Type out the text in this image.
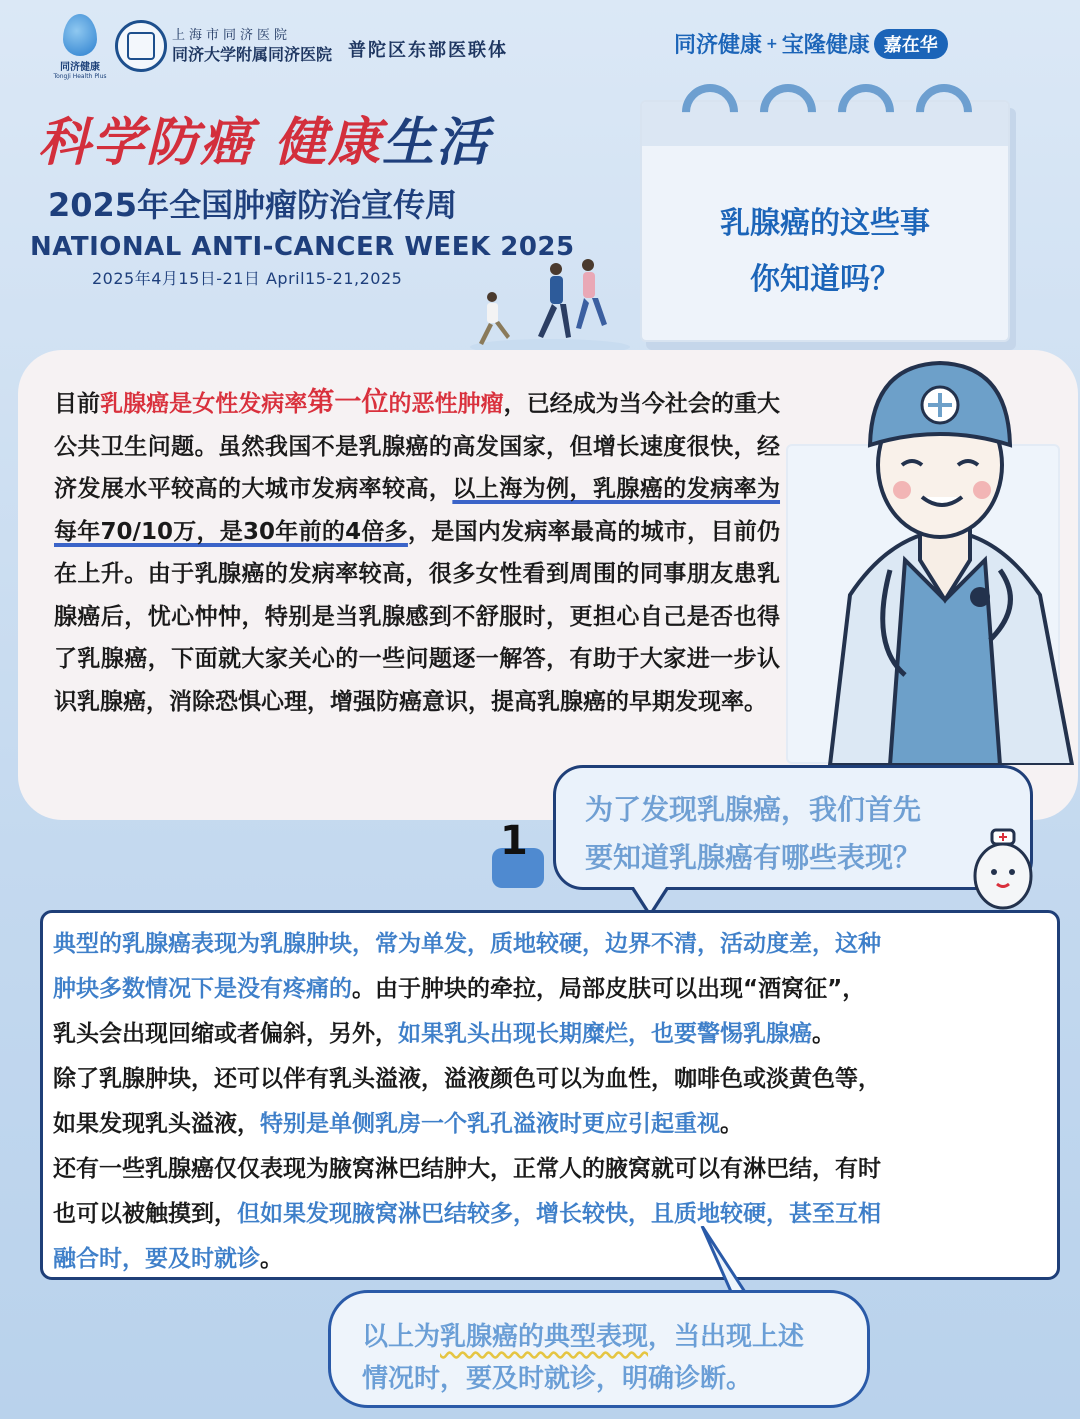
同济健康
TongJi Health Plus
上海市同济医院
同济大学附属同济医院 普陀区东部医联体	同济健康 + 宝隆健康 嘉在华
科学防癌 健康生活
2025年全国肿瘤防治宣传周
NATIONAL ANTI-CANCER WEEK 2025
2025年4月15日-21日 April15-21,2025
乳腺癌的这些事
你知道吗？
目前乳腺癌是女性发病率第一位的恶性肿瘤，已经成为当今社会的重大公共卫生问题。虽然我国不是乳腺癌的高发国家，但增长速度很快，经济发展水平较高的大城市发病率较高，以上海为例，乳腺癌的发病率为每年70/10万，是30年前的4倍多，是国内发病率最高的城市，目前仍在上升。由于乳腺癌的发病率较高，很多女性看到周围的同事朋友患乳腺癌后，忧心忡忡，特别是当乳腺感到不舒服时，更担心自己是否也得了乳腺癌，下面就大家关心的一些问题逐一解答，有助于大家进一步认识乳腺癌，消除恐惧心理，增强防癌意识，提高乳腺癌的早期发现率。
1
为了发现乳腺癌，我们首先
要知道乳腺癌有哪些表现？
典型的乳腺癌表现为乳腺肿块，常为单发，质地较硬，边界不清，活动度差，这种
肿块多数情况下是没有疼痛的。由于肿块的牵拉，局部皮肤可以出现“酒窝征”，
乳头会出现回缩或者偏斜，另外，如果乳头出现长期糜烂，也要警惕乳腺癌。
除了乳腺肿块，还可以伴有乳头溢液，溢液颜色可以为血性，咖啡色或淡黄色等，
如果发现乳头溢液，特别是单侧乳房一个乳孔溢液时更应引起重视。
还有一些乳腺癌仅仅表现为腋窝淋巴结肿大，正常人的腋窝就可以有淋巴结，有时
也可以被触摸到，但如果发现腋窝淋巴结较多，增长较快，且质地较硬，甚至互相
融合时，要及时就诊。
以上为乳腺癌的典型表现，当出现上述
情况时，要及时就诊，明确诊断。
